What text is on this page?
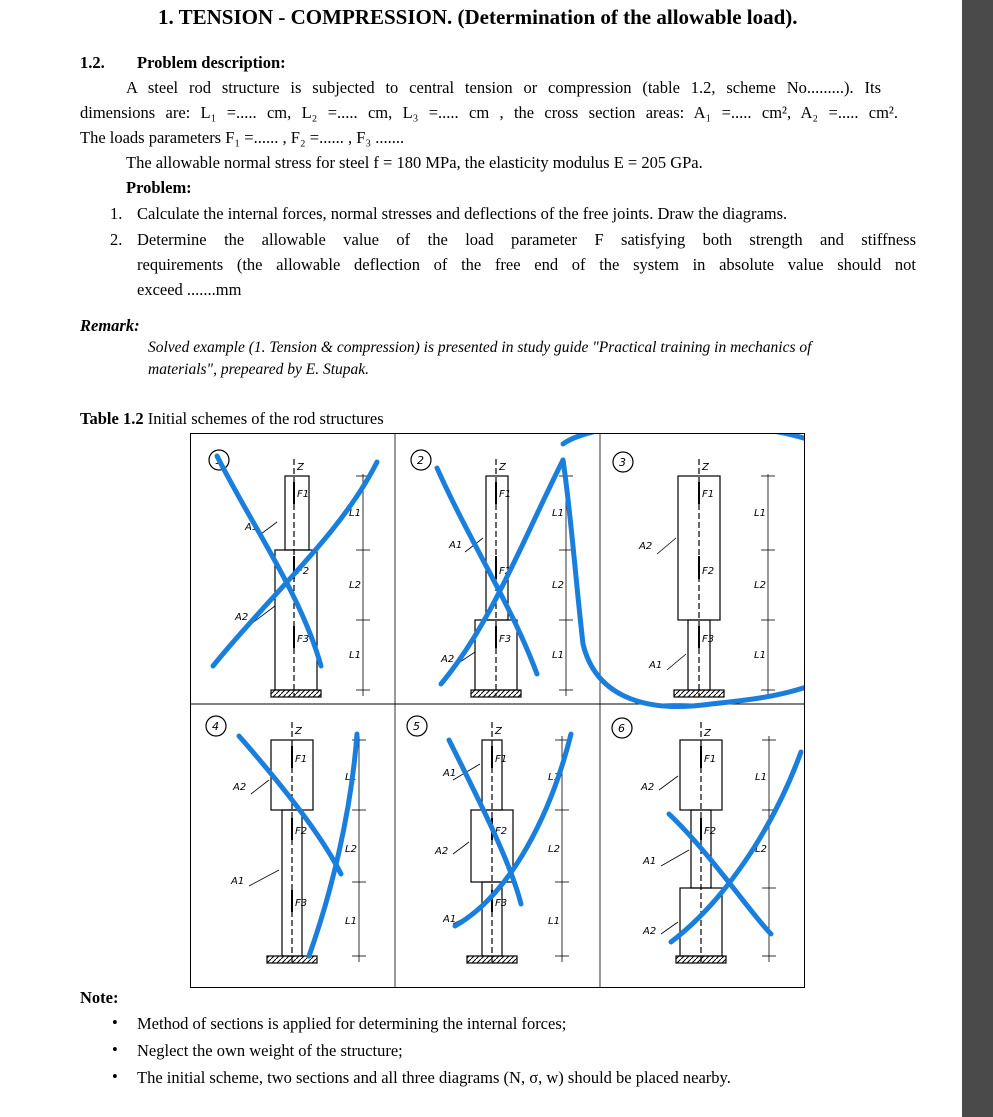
1. TENSION - COMPRESSION. (Determination of the allowable load).
1.2. Problem description:
A steel rod structure is subjected to central tension or compression (table 1.2, scheme No.........). Its
dimensions are: L₁ =..... cm, L₂ =..... cm, L₃ =..... cm , the cross section areas: A₁ =..... cm², A₂ =..... cm².
The loads parameters F₁ =...... , F₂ =...... , F₃ .......
The allowable normal stress for steel f = 180 MPa, the elasticity modulus E = 205 GPa.
Problem:
1. Calculate the internal forces, normal stresses and deflections of the free joints. Draw the diagrams.
2. Determine the allowable value of the load parameter F satisfying both strength and stiffness
requirements (the allowable deflection of the free end of the system in absolute value should not
exceed .......mm
Remark:
Solved example (1. Tension & compression) is presented in study guide "Practical training in mechanics of
materials", prepeared by E. Stupak.
Table 1.2 Initial schemes of the rod structures
1
Z
F1
F2
F3
A1
A2
L1
L2
L1
2
Z
F1
F2
F3
A1
A2
L1
L2
L1
3	Z
F1
F2
F3
A2
A1
L1
L2
L1
4	Z
F1
F2
F3
A2
A1
L1
L2
L1
5	Z
F1
F2
F3
A1
A2
A1
L1
L2
L1
6	Z
F1
F2
A2
A1
A2
L1
L2
Note:
• Method of sections is applied for determining the internal forces;
• Neglect the own weight of the structure;
• The initial scheme, two sections and all three diagrams (N, σ, w) should be placed nearby.
